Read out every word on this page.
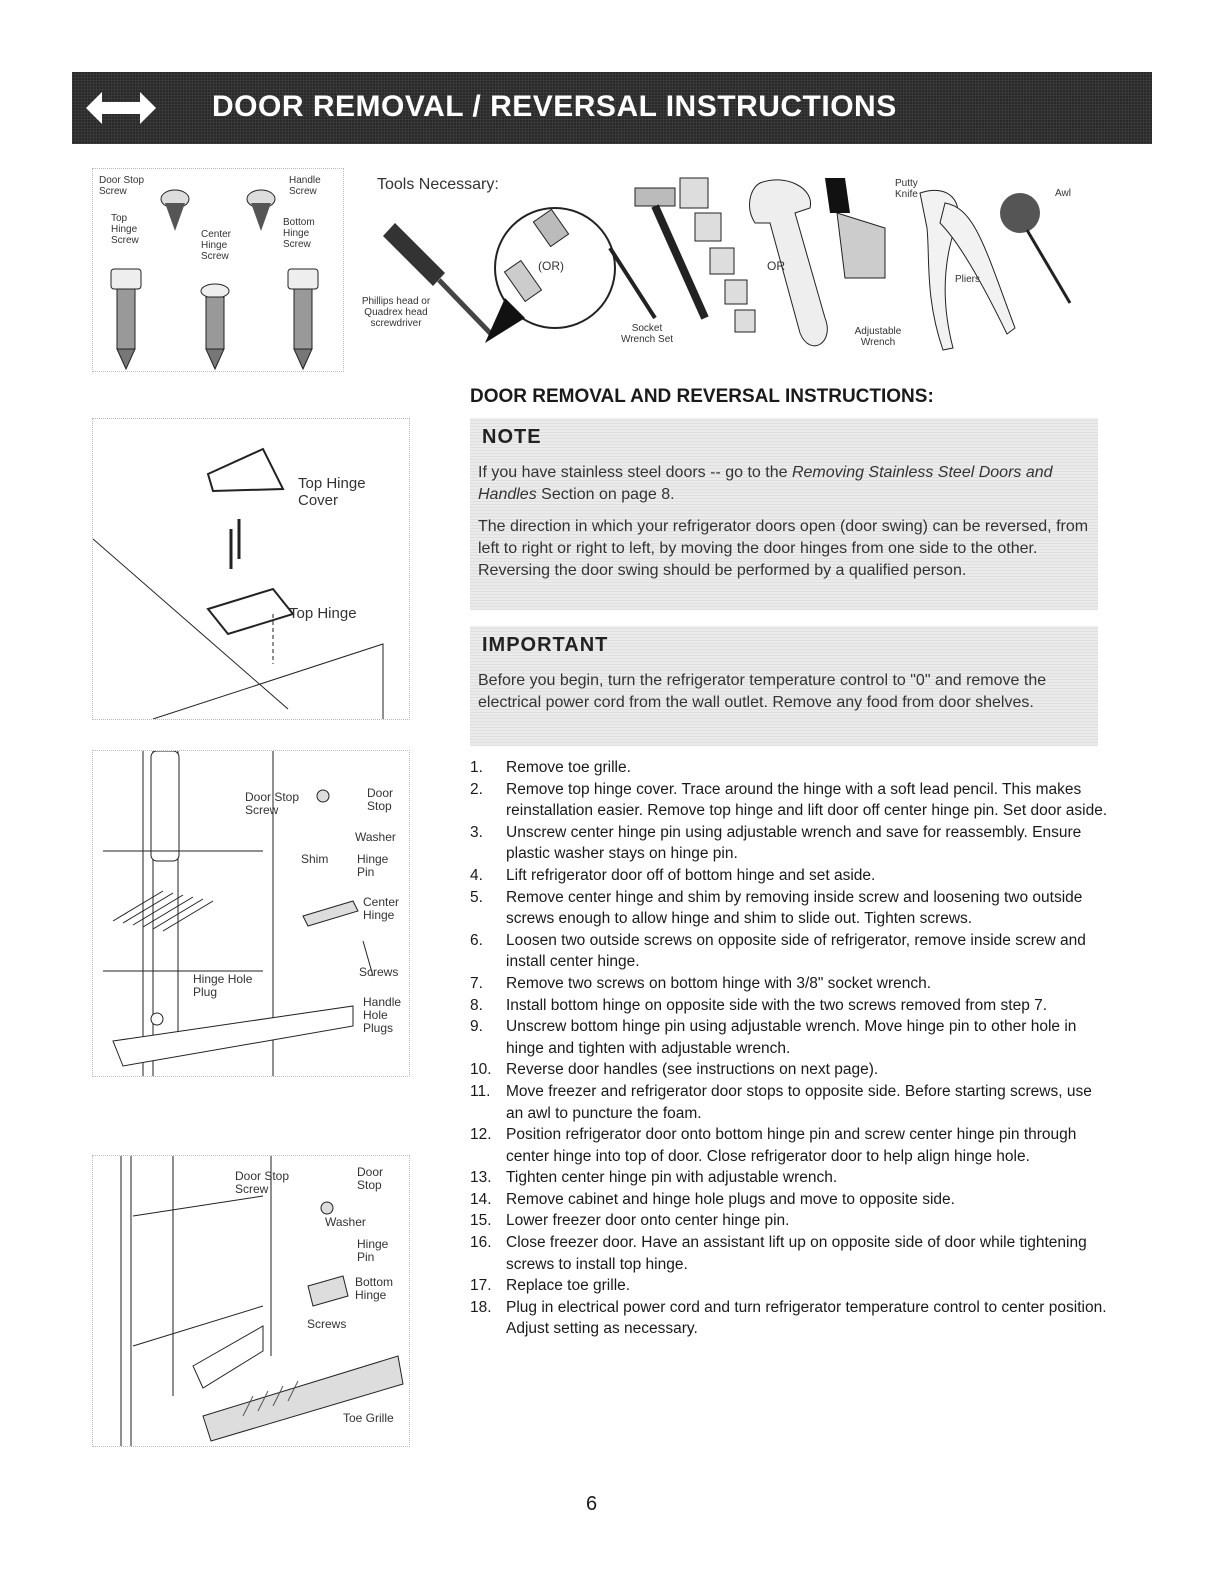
DOOR REMOVAL / REVERSAL INSTRUCTIONS
Door Stop Screw
Handle Screw
Top Hinge Screw
Center Hinge Screw
Bottom Hinge Screw
Tools Necessary:
Phillips head or Quadrex head screwdriver
(OR)
Socket Wrench Set
OR
Putty Knife
Adjustable Wrench
Pliers
Awl
Top Hinge Cover
Top Hinge
Door Stop Screw
Door Stop
Washer
Shim Hinge Pin
Center Hinge
Screws
Hinge Hole Plug
Handle Hole Plugs
Door Stop Screw
Door Stop
Washer
Hinge Pin
Bottom Hinge
Screws
Toe Grille
DOOR REMOVAL AND REVERSAL INSTRUCTIONS:
NOTE
If you have stainless steel doors -- go to the Removing Stainless Steel Doors and Handles Section on page 8.
The direction in which your refrigerator doors open (door swing) can be reversed, from left to right or right to left, by moving the door hinges from one side to the other. Reversing the door swing should be performed by a qualified person.
IMPORTANT
Before you begin, turn the refrigerator temperature control to "0" and remove the electrical power cord from the wall outlet. Remove any food from door shelves.
1. Remove toe grille.
2. Remove top hinge cover. Trace around the hinge with a soft lead pencil. This makes reinstallation easier. Remove top hinge and lift door off center hinge pin. Set door aside.
3. Unscrew center hinge pin using adjustable wrench and save for reassembly. Ensure plastic washer stays on hinge pin.
4. Lift refrigerator door off of bottom hinge and set aside.
5. Remove center hinge and shim by removing inside screw and loosening two outside screws enough to allow hinge and shim to slide out. Tighten screws.
6. Loosen two outside screws on opposite side of refrigerator, remove inside screw and install center hinge.
7. Remove two screws on bottom hinge with 3/8" socket wrench.
8. Install bottom hinge on opposite side with the two screws removed from step 7.
9. Unscrew bottom hinge pin using adjustable wrench. Move hinge pin to other hole in hinge and tighten with adjustable wrench.
10. Reverse door handles (see instructions on next page).
11. Move freezer and refrigerator door stops to opposite side. Before starting screws, use an awl to puncture the foam.
12. Position refrigerator door onto bottom hinge pin and screw center hinge pin through center hinge into top of door. Close refrigerator door to help align hinge hole.
13. Tighten center hinge pin with adjustable wrench.
14. Remove cabinet and hinge hole plugs and move to opposite side.
15. Lower freezer door onto center hinge pin.
16. Close freezer door. Have an assistant lift up on opposite side of door while tightening screws to install top hinge.
17. Replace toe grille.
18. Plug in electrical power cord and turn refrigerator temperature control to center position. Adjust setting as necessary.
6
